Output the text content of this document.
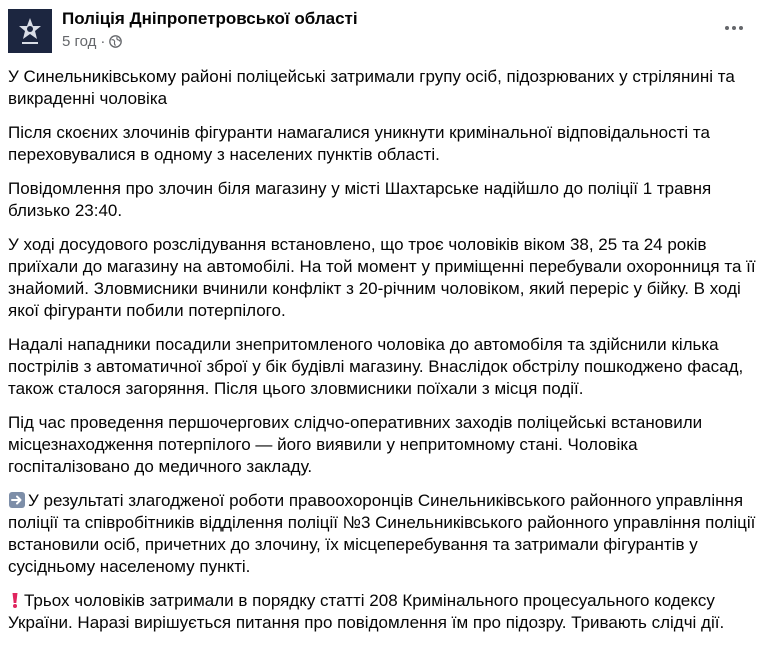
Поліція Дніпропетровської області
5 год ·

У Синельниківському районі поліцейські затримали групу осіб, підозрюваних у стрілянині та викраденні чоловіка

Після скоєних злочинів фігуранти намагалися уникнути кримінальної відповідальності та переховувалися в одному з населених пунктів області.

Повідомлення про злочин біля магазину у місті Шахтарське надійшло до поліції 1 травня близько 23:40.

У ході досудового розслідування встановлено, що троє чоловіків віком 38, 25 та 24 років приїхали до магазину на автомобілі. На той момент у приміщенні перебували охоронниця та її знайомий. Зловмисники вчинили конфлікт з 20-річним чоловіком, який переріс у бійку. В ході якої фігуранти побили потерпілого.

Надалі нападники посадили знепритомленого чоловіка до автомобіля та здійснили кілька пострілів з автоматичної зброї у бік будівлі магазину. Внаслідок обстрілу пошкоджено фасад, також сталося загоряння. Після цього зловмисники поїхали з місця події.

Під час проведення першочергових слідчо-оперативних заходів поліцейські встановили місцезнаходження потерпілого — його виявили у непритомному стані. Чоловіка госпіталізовано до медичного закладу.

У результаті злагодженої роботи правоохоронців Синельниківського районного управління поліції та співробітників відділення поліції №3 Синельниківського районного управління поліції встановили осіб, причетних до злочину, їх місцеперебування та затримали фігурантів у сусідньому населеному пункті.

Трьох чоловіків затримали в порядку статті 208 Кримінального процесуального кодексу України. Наразі вирішується питання про повідомлення їм про підозру. Тривають слідчі дії.
